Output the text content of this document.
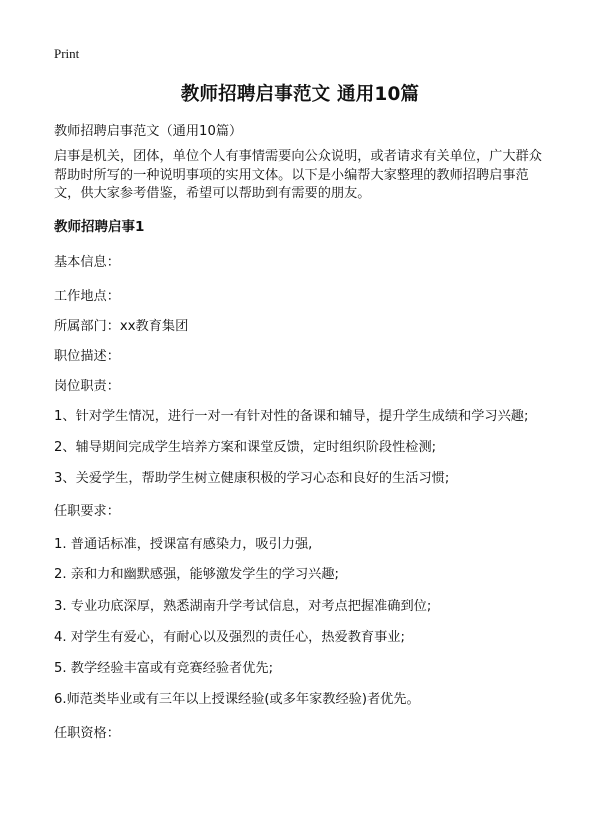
Print
教师招聘启事范文 通用10篇
教师招聘启事范文（通用10篇）
启事是机关，团体，单位个人有事情需要向公众说明，或者请求有关单位，广大群众帮助时所写的一种说明事项的实用文体。以下是小编帮大家整理的教师招聘启事范文，供大家参考借鉴，希望可以帮助到有需要的朋友。
教师招聘启事1
基本信息：
工作地点：
所属部门：xx教育集团
职位描述：
岗位职责：
1、针对学生情况，进行一对一有针对性的备课和辅导，提升学生成绩和学习兴趣;
2、辅导期间完成学生培养方案和课堂反馈，定时组织阶段性检测;
3、关爱学生，帮助学生树立健康积极的学习心态和良好的生活习惯;
任职要求：
1. 普通话标准，授课富有感染力，吸引力强,
2. 亲和力和幽默感强，能够激发学生的学习兴趣;
3. 专业功底深厚，熟悉湖南升学考试信息，对考点把握准确到位;
4. 对学生有爱心，有耐心以及强烈的责任心，热爱教育事业;
5. 教学经验丰富或有竞赛经验者优先;
6.师范类毕业或有三年以上授课经验(或多年家教经验)者优先。
任职资格：
